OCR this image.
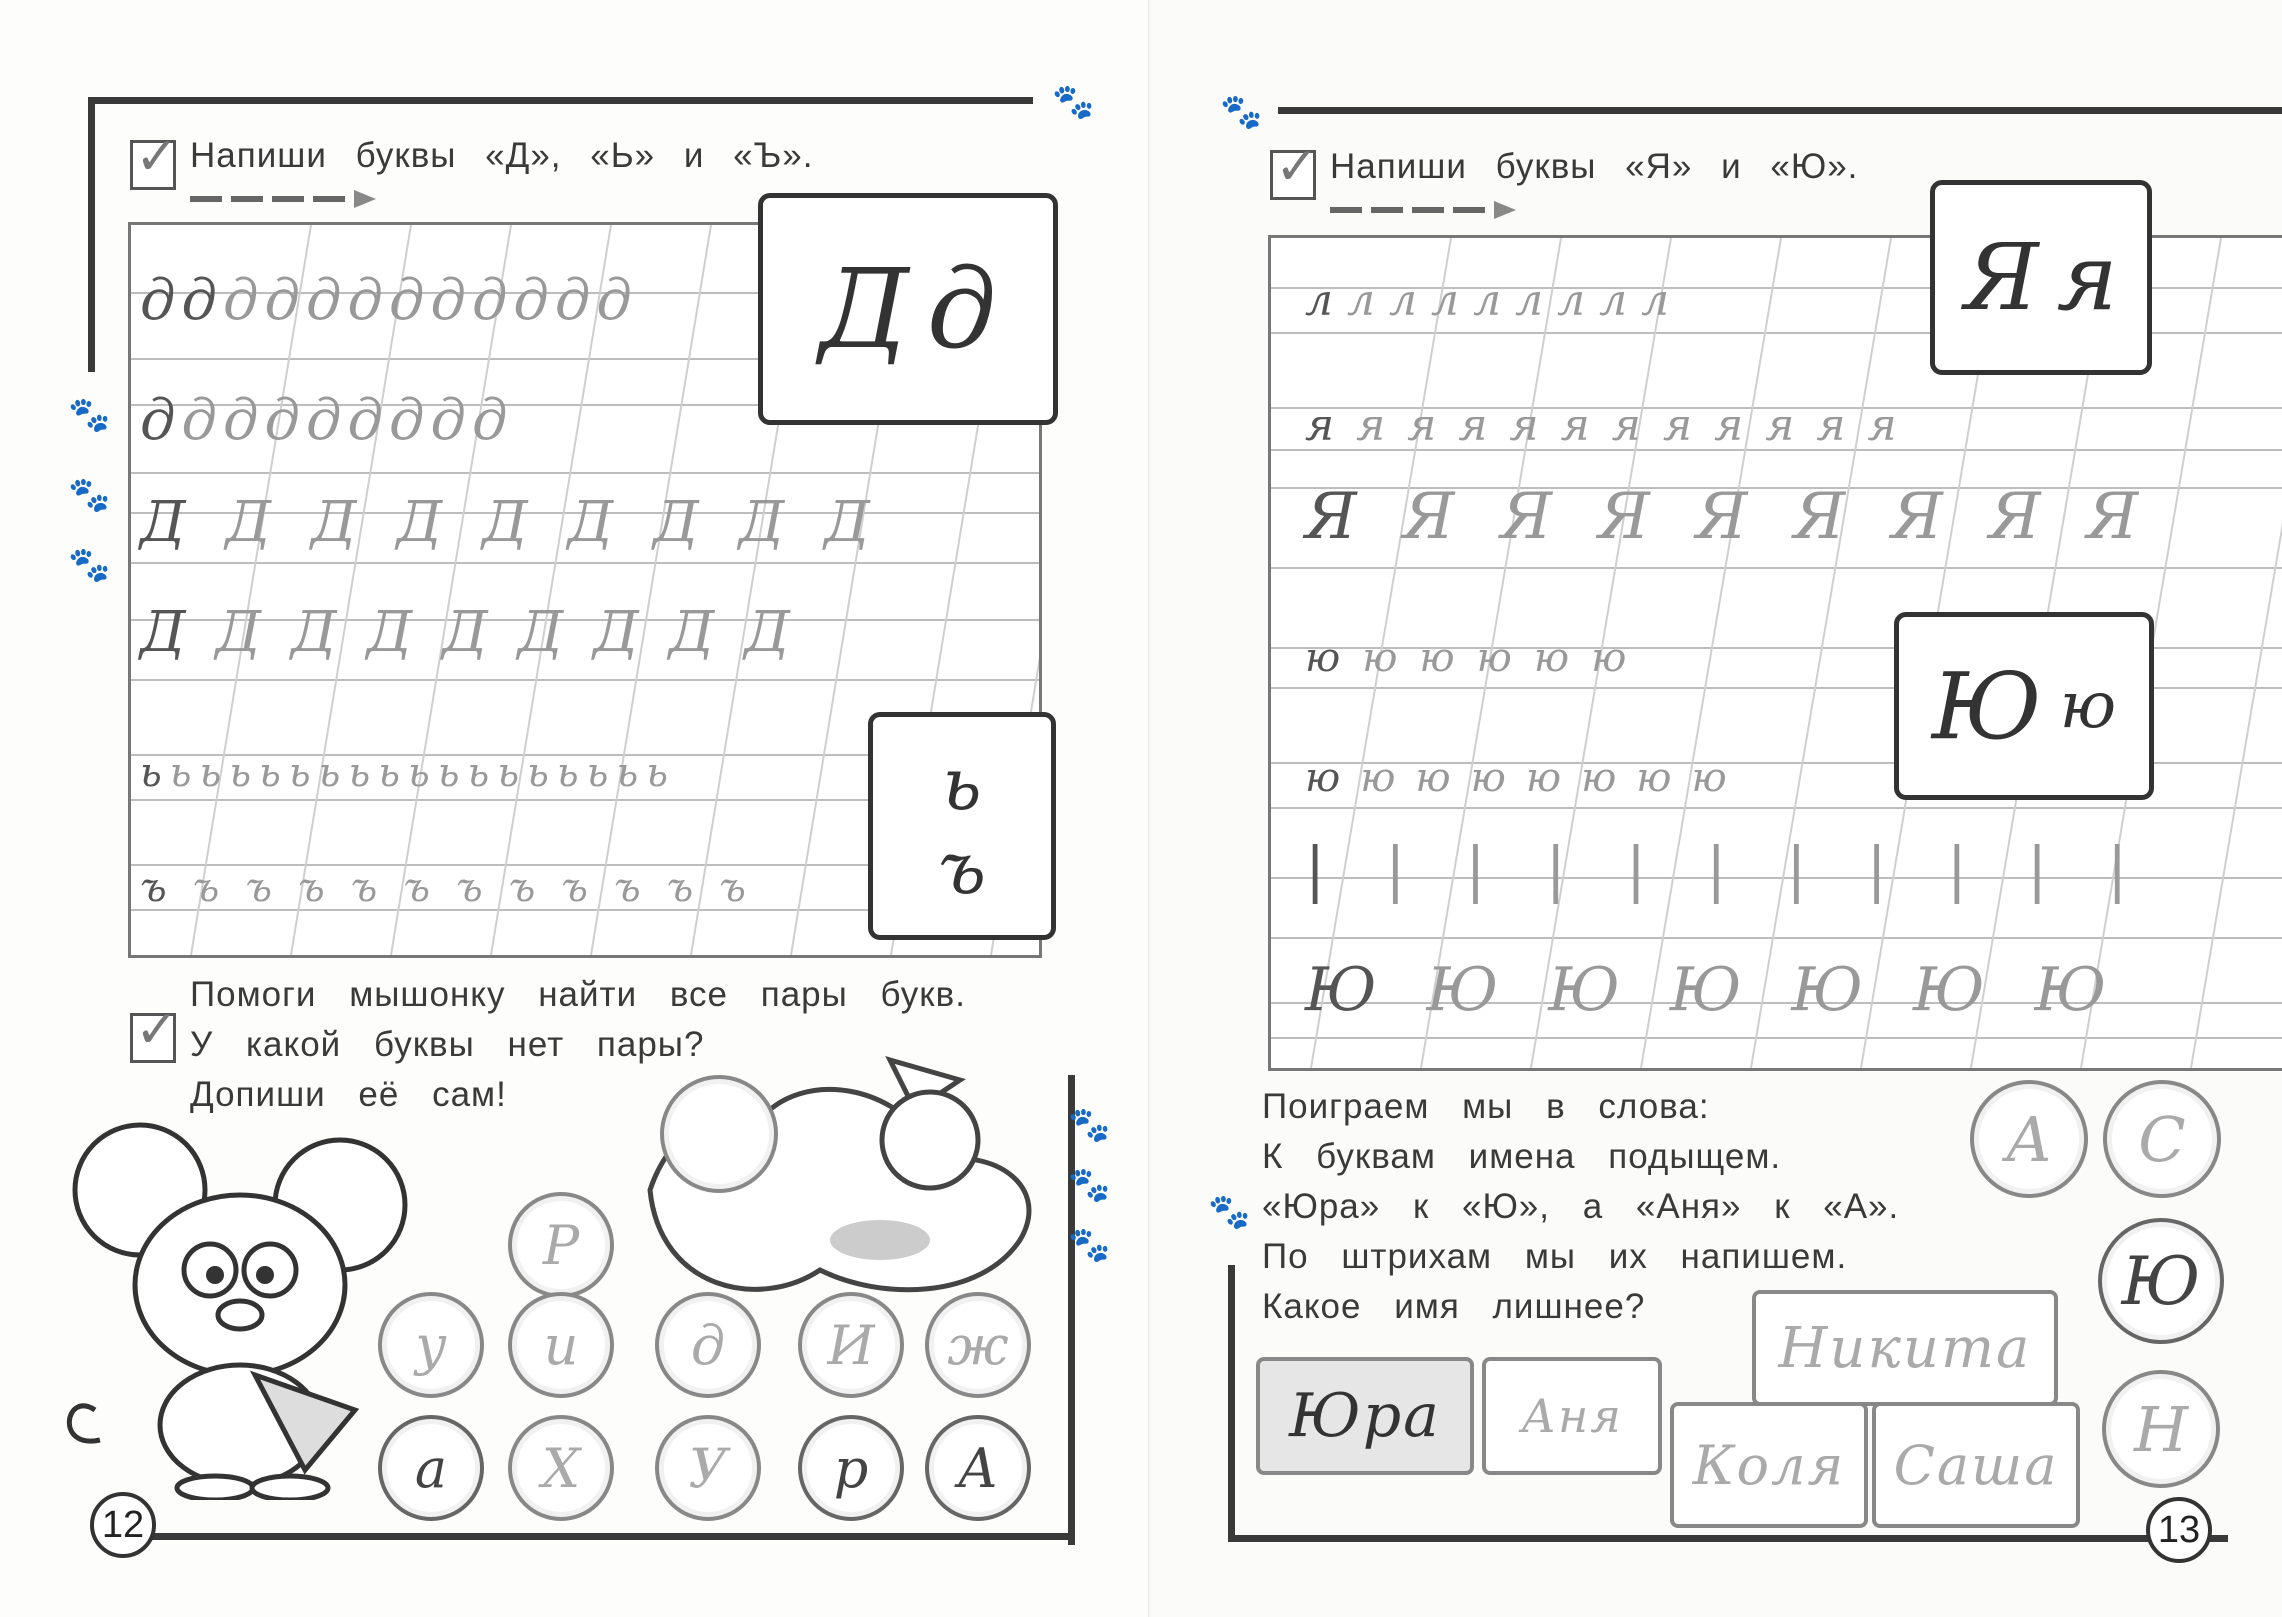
🐾
🐾
🐾
🐾
🐾
🐾
🐾
✓ Напиши буквы «Д», «Ь» и «Ъ».
дддддддддддд
ддддддддд
ДДДДДДДДД
ДДДДДДДДД
ьььььььььььььььььь
ъъъъъъъъъъъъ
Д д
ь
ъ
✓
Помоги мышонку найти все пары букв.
У какой буквы нет пары?
Допиши её сам!
Р
у и д И ж
а Х У р А
12
🐾
🐾
✓ Напиши буквы «Я» и «Ю».
ллллллллл
яяяяяяяяяяяя
ЯЯЯЯЯЯЯЯЯ
юююююю
юююююююю
|||||||||||
ЮЮЮЮЮЮЮ
Я я
Ю ю
Поиграем мы в слова:
К буквам имена подыщем.
«Юра» к «Ю», а «Аня» к «А».
По штрихам мы их напишем.
Какое имя лишнее?
А С
Ю
Н
Юра Аня
Никита
Коля Саша
13
